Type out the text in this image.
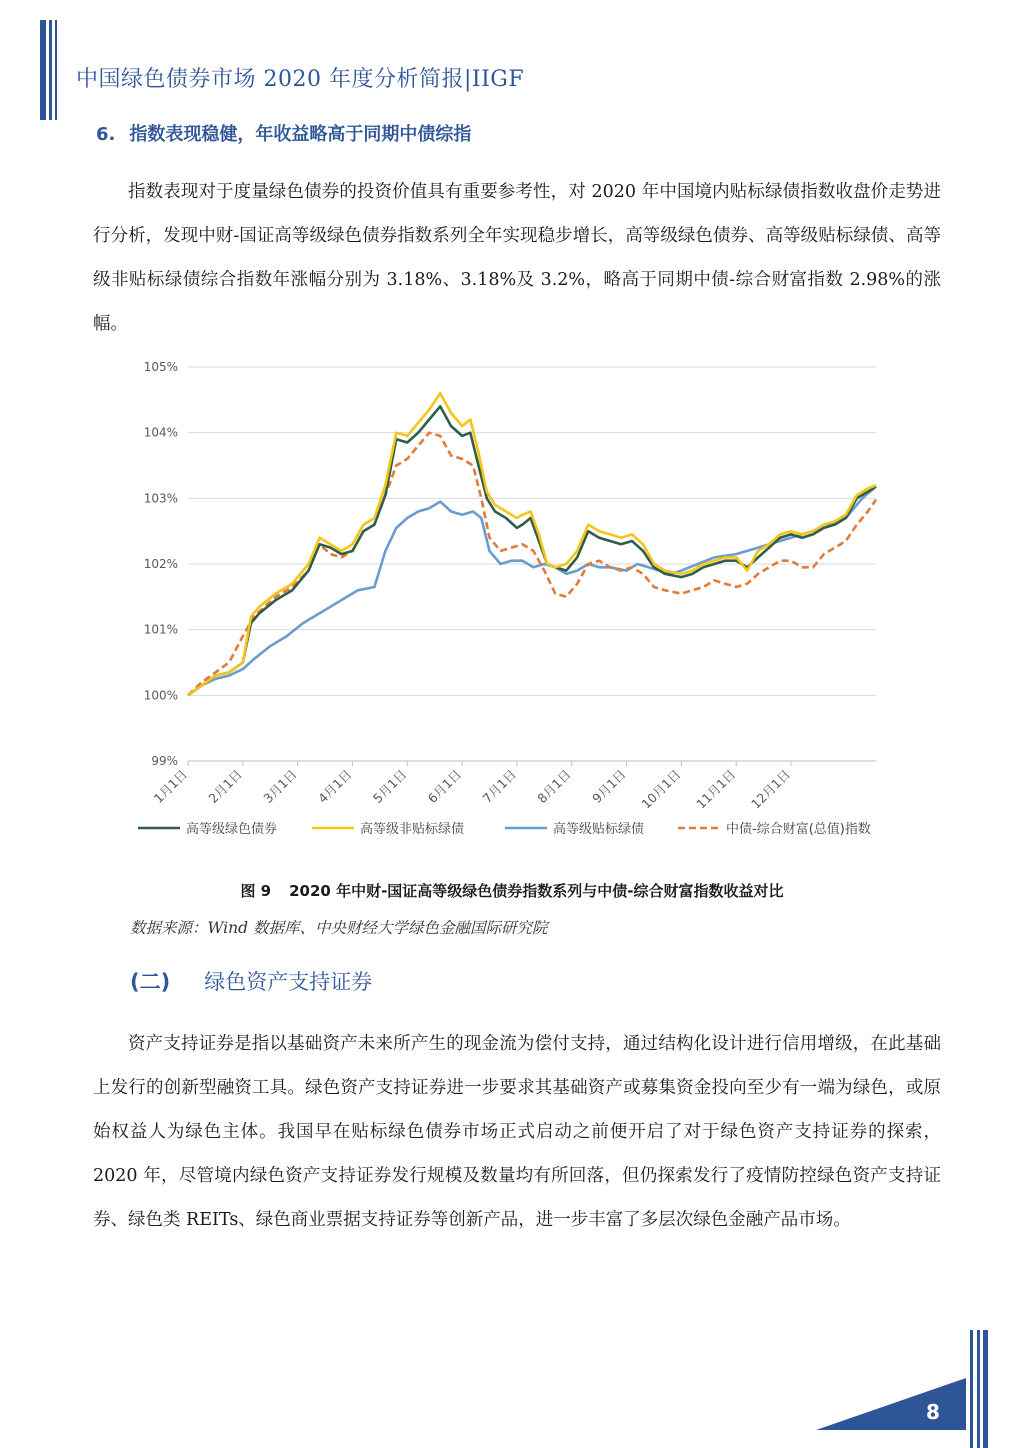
中国绿色债券市场 2020 年度分析简报|IIGF
6. 指数表现稳健，年收益略高于同期中债综指

指数表现对于度量绿色债券的投资价值具有重要参考性，对 2020 年中国境内贴标绿债指数收盘价走势进行分析，发现中财-国证高等级绿色债券指数系列全年实现稳步增长，高等级绿色债券、高等级贴标绿债、高等级非贴标绿债综合指数年涨幅分别为 3.18%、3.18%及 3.2%，略高于同期中债-综合财富指数 2.98%的涨幅。

99%
100%
101%
102%
103%
104%
105%
1月1日 2月1日 3月1日 4月1日 5月1日 6月1日 7月1日 8月1日 9月1日 10月1日 11月1日 12月1日
高等级绿色债券	高等级非贴标绿债	高等级贴标绿债	中债-综合财富(总值)指数
图 9 2020 年中财-国证高等级绿色债券指数系列与中债-综合财富指数收益对比
数据来源：Wind 数据库、中央财经大学绿色金融国际研究院
(二) 绿色资产支持证券

资产支持证券是指以基础资产未来所产生的现金流为偿付支持，通过结构化设计进行信用增级，在此基础上发行的创新型融资工具。绿色资产支持证券进一步要求其基础资产或募集资金投向至少有一端为绿色，或原始权益人为绿色主体。我国早在贴标绿色债券市场正式启动之前便开启了对于绿色资产支持证券的探索，2020 年，尽管境内绿色资产支持证券发行规模及数量均有所回落，但仍探索发行了疫情防控绿色资产支持证券、绿色类 REITs、绿色商业票据支持证券等创新产品，进一步丰富了多层次绿色金融产品市场。

8
